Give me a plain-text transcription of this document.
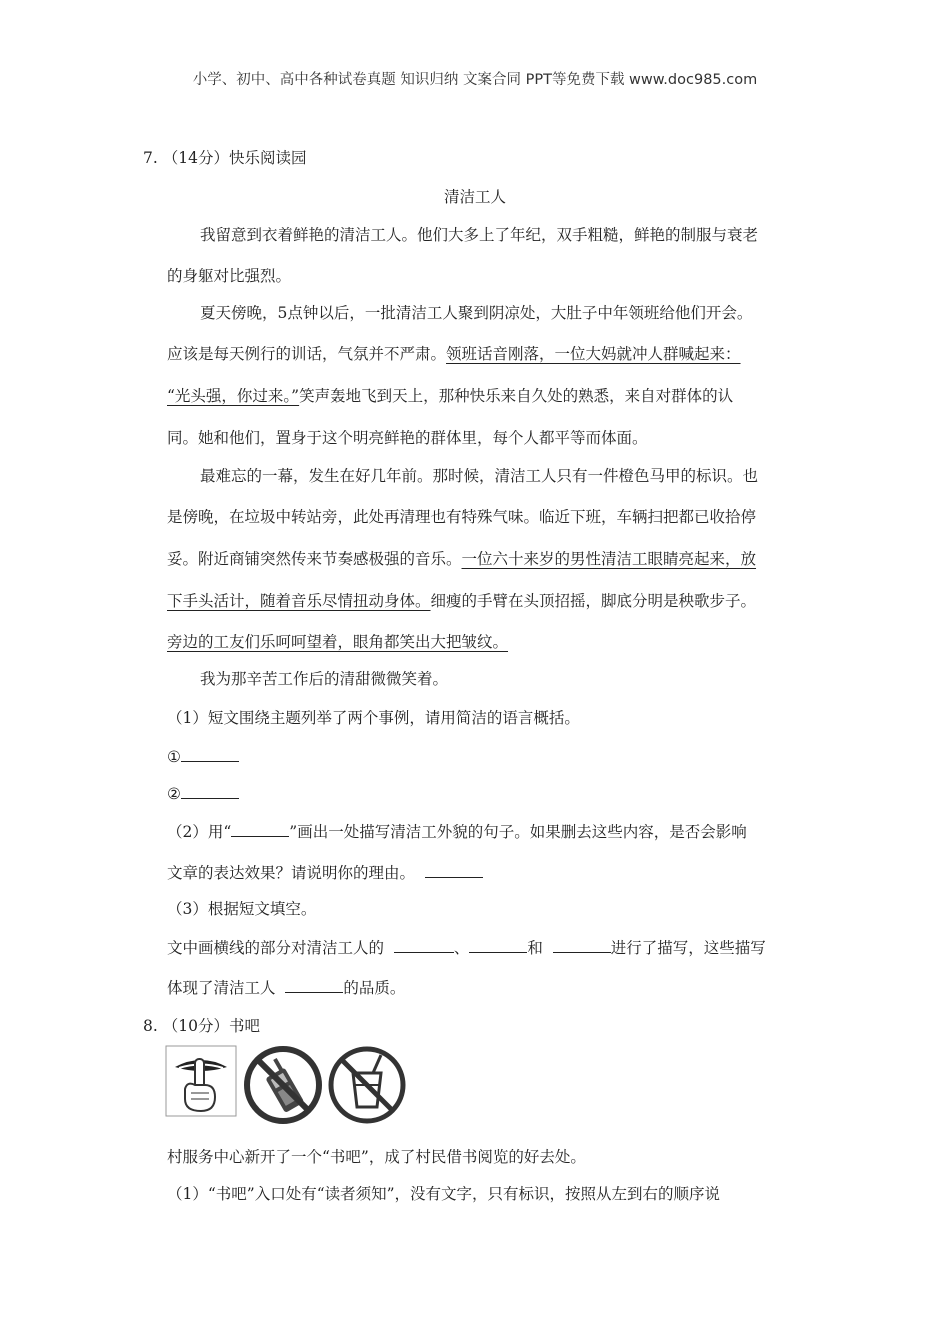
小学、初中、高中各种试卷真题 知识归纳 文案合同 PPT等免费下载 www.doc985.com
7. （14分）快乐阅读园
清洁工人
我留意到衣着鲜艳的清洁工人。他们大多上了年纪，双手粗糙，鲜艳的制服与衰老
的身躯对比强烈。
夏天傍晚，5点钟以后，一批清洁工人聚到阴凉处，大肚子中年领班给他们开会。
应该是每天例行的训话，气氛并不严肃。领班话音刚落，一位大妈就冲人群喊起来：
“光头强，你过来。”笑声轰地飞到天上，那种快乐来自久处的熟悉，来自对群体的认
同。她和他们，置身于这个明亮鲜艳的群体里，每个人都平等而体面。
最难忘的一幕，发生在好几年前。那时候，清洁工人只有一件橙色马甲的标识。也
是傍晚，在垃圾中转站旁，此处再清理也有特殊气味。临近下班，车辆扫把都已收拾停
妥。附近商铺突然传来节奏感极强的音乐。一位六十来岁的男性清洁工眼睛亮起来，放
下手头活计，随着音乐尽情扭动身体。细瘦的手臂在头顶招摇，脚底分明是秧歌步子。
旁边的工友们乐呵呵望着，眼角都笑出大把皱纹。
我为那辛苦工作后的清甜微微笑着。
（1）短文围绕主题列举了两个事例，请用简洁的语言概括。
①
②
（2）用“	”画出一处描写清洁工外貌的句子。如果删去这些内容，是否会影响
文章的表达效果？请说明你的理由。
（3）根据短文填空。
文中画横线的部分对清洁工人的	、	和	进行了描写，这些描写
体现了清洁工人	的品质。
8. （10分）书吧
村服务中心新开了一个“书吧”，成了村民借书阅览的好去处。
（1）“书吧”入口处有“读者须知”，没有文字，只有标识，按照从左到右的顺序说
